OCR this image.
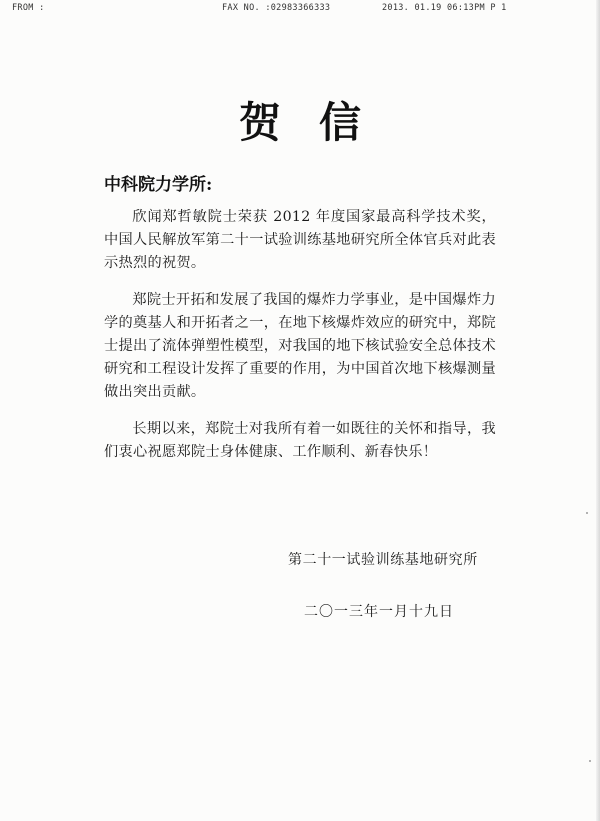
FROM :	FAX NO. :02983366333	2013. 01.19 06:13PM P 1
贺信
中科院力学所:

欣闻郑哲敏院士荣获 2012 年度国家最高科学技术奖，中国人民解放军第二十一试验训练基地研究所全体官兵对此表示热烈的祝贺。

郑院士开拓和发展了我国的爆炸力学事业，是中国爆炸力学的奠基人和开拓者之一，在地下核爆炸效应的研究中，郑院士提出了流体弹塑性模型，对我国的地下核试验安全总体技术研究和工程设计发挥了重要的作用，为中国首次地下核爆测量做出突出贡献。

长期以来，郑院士对我所有着一如既往的关怀和指导，我们衷心祝愿郑院士身体健康、工作顺利、新春快乐！

第二十一试验训练基地研究所
二〇一三年一月十九日
